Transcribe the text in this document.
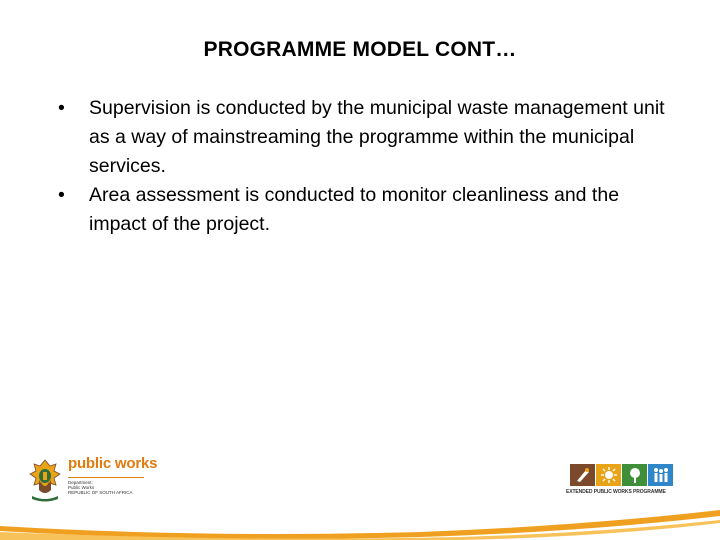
PROGRAMME MODEL CONT…
•	Supervision is conducted by the municipal waste management unit as a way of mainstreaming the programme within the municipal services.
•	Area assessment is conducted to monitor cleanliness and the impact of the project.
public works
Department:
Public Works
REPUBLIC OF SOUTH AFRICA	EXTENDED PUBLIC WORKS PROGRAMME
